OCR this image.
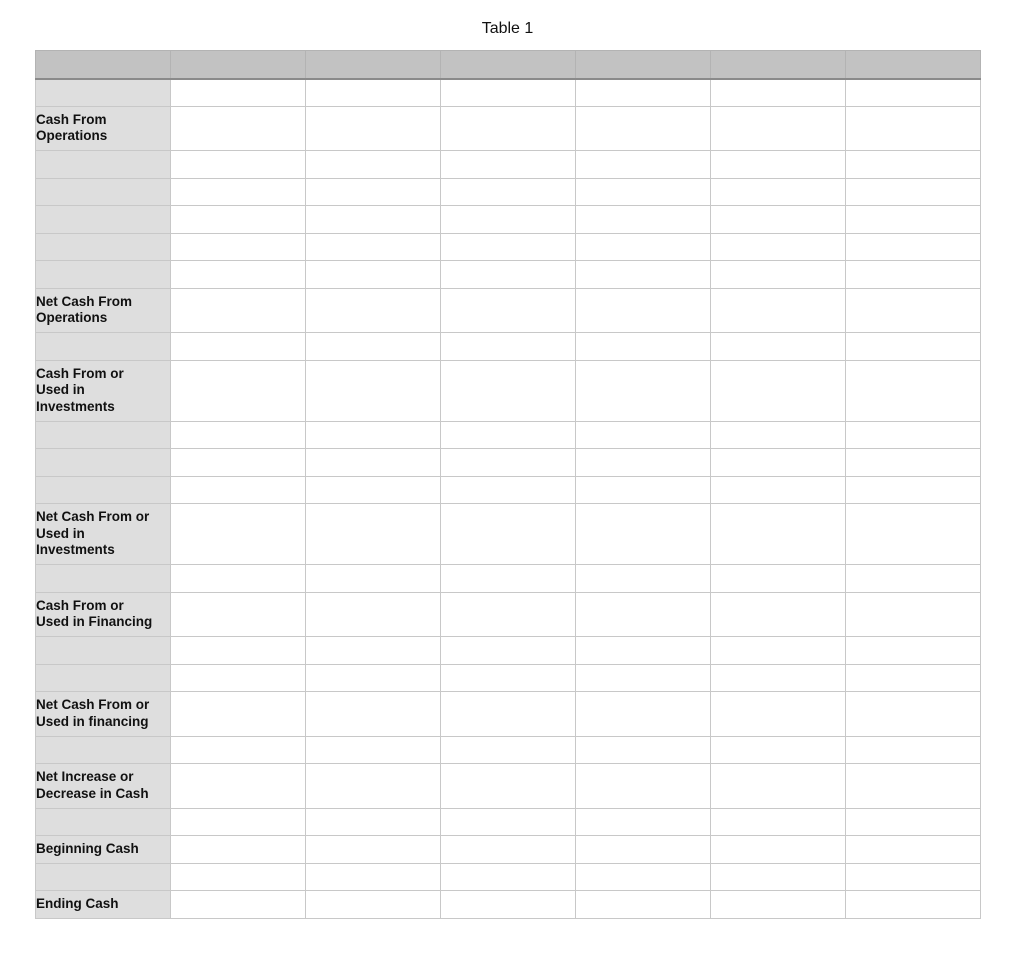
Table 1

Cash From
Operations						

Net Cash From
Operations						

Cash From or
Used in
Investments						

Net Cash From or
Used in
Investments						

Cash From or
Used in Financing						

Net Cash From or
Used in financing						

Net Increase or
Decrease in Cash						

Beginning Cash						

Ending Cash						
